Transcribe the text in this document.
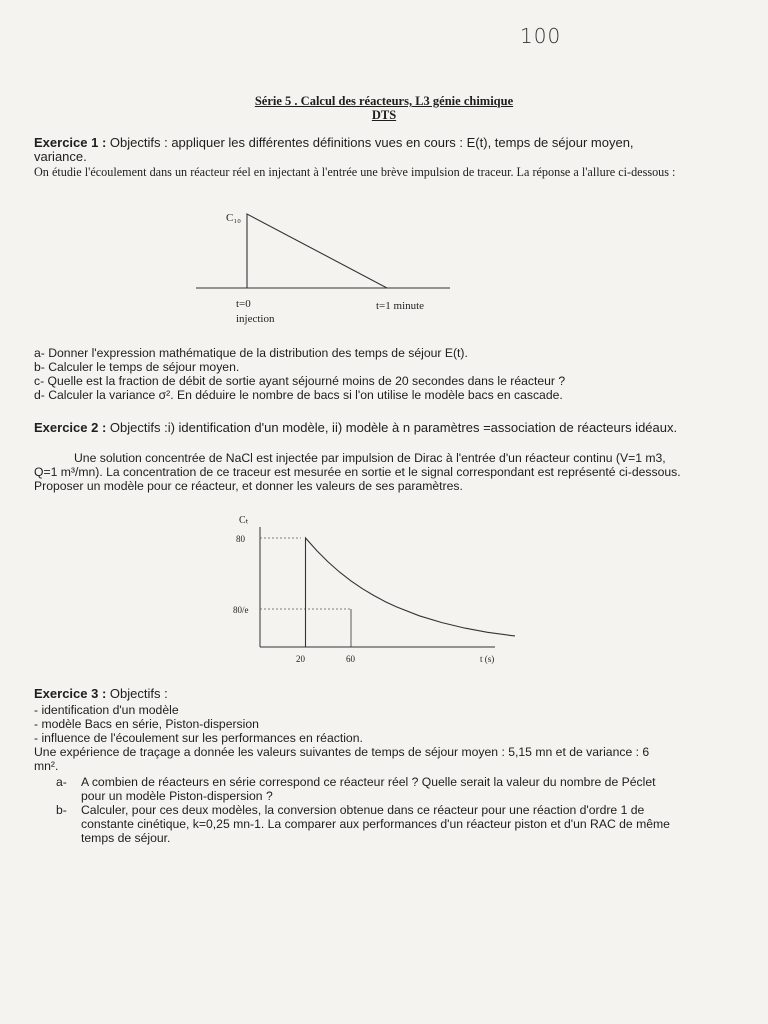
100
Série 5 . Calcul des réacteurs, L3 génie chimique
DTS
Exercice 1 : Objectifs : appliquer les différentes définitions vues en cours : E(t), temps de séjour moyen, variance.
On étudie l'écoulement dans un réacteur réel en injectant à l'entrée une brève impulsion de traceur. La réponse a l'allure ci-dessous :
C₁₀
t=0	t=1 minute
injection
a- Donner l'expression mathématique de la distribution des temps de séjour E(t).
b- Calculer le temps de séjour moyen.
c- Quelle est la fraction de débit de sortie ayant séjourné moins de 20 secondes dans le réacteur ?
d- Calculer la variance σ². En déduire le nombre de bacs si l'on utilise le modèle bacs en cascade.
Exercice 2 : Objectifs :i) identification d'un modèle, ii) modèle à n paramètres =association de réacteurs idéaux.
Une solution concentrée de NaCl est injectée par impulsion de Dirac à l'entrée d'un réacteur continu (V=1 m3, Q=1 m³/mn). La concentration de ce traceur est mesurée en sortie et le signal correspondant est représenté ci-dessous. Proposer un modèle pour ce réacteur, et donner les valeurs de ses paramètres.
Cₜ
80
80/e
20	60	t (s)
Exercice 3 : Objectifs :
- identification d'un modèle
- modèle Bacs en série, Piston-dispersion
- influence de l'écoulement sur les performances en réaction.
Une expérience de traçage a donnée les valeurs suivantes de temps de séjour moyen : 5,15 mn et de variance : 6 mn².
a- A combien de réacteurs en série correspond ce réacteur réel ? Quelle serait la valeur du nombre de Péclet pour un modèle Piston-dispersion ?
b- Calculer, pour ces deux modèles, la conversion obtenue dans ce réacteur pour une réaction d'ordre 1 de constante cinétique, k=0,25 mn-1. La comparer aux performances d'un réacteur piston et d'un RAC de même temps de séjour.
